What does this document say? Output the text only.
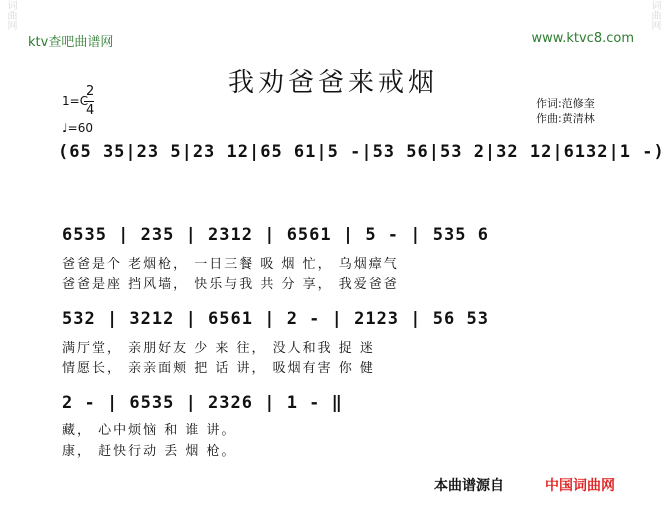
词曲网	词曲网
ktv查吧曲谱网	www.ktvc8.com
我劝爸爸来戒烟
1=C
2
4
♩=60
作词:范修奎
作曲:黄清林
(65 35|23 5|23 12|65 61|5 -|53 56|53 2|32 12|6132|1 -)
6535 | 235 | 2312 | 6561 | 5 - | 535 6
爸爸是个 老烟枪， 一日三餐 吸 烟 忙， 乌烟瘴气
爸爸是座 挡风墙， 快乐与我 共 分 享， 我爱爸爸
532 | 3212 | 6561 | 2 - | 2123 | 56 53
满厅堂， 亲朋好友 少 来 往， 没人和我 捉 迷
情愿长， 亲亲面颊 把 话 讲， 吸烟有害 你 健
2 - | 6535 | 2326 | 1 - ‖
藏， 心中烦恼 和 谁 讲。
康， 赶快行动 丢 烟 枪。
本曲谱源自	中国词曲网
